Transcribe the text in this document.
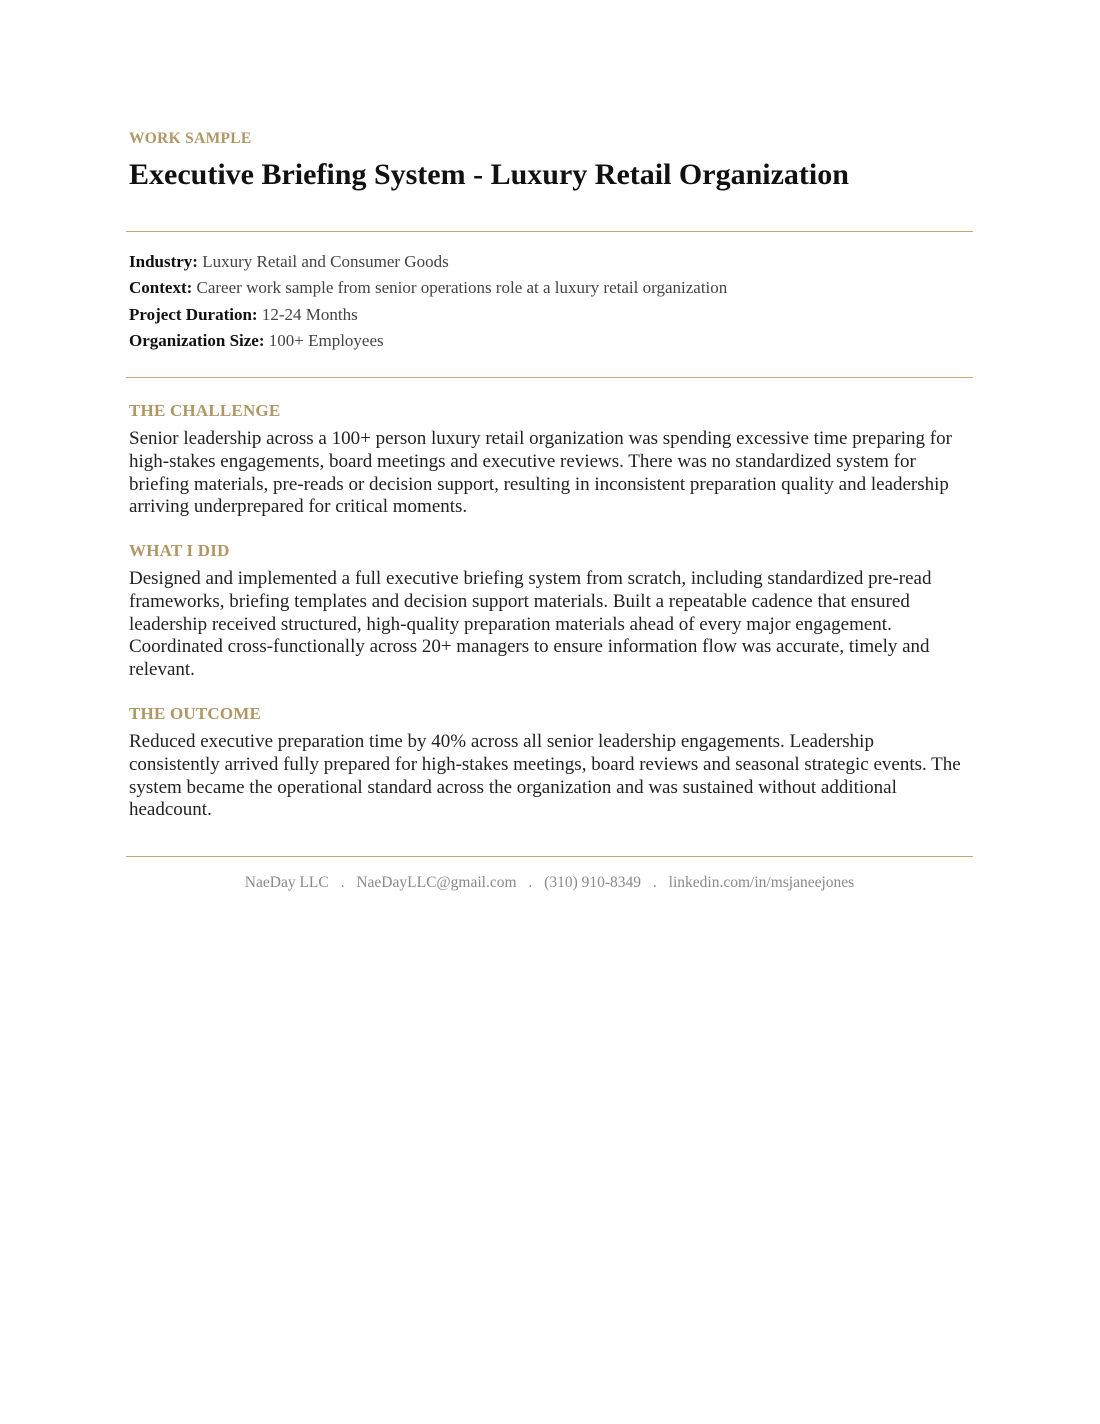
WORK SAMPLE
Executive Briefing System - Luxury Retail Organization
Industry: Luxury Retail and Consumer Goods
Context: Career work sample from senior operations role at a luxury retail organization
Project Duration: 12-24 Months
Organization Size: 100+ Employees
THE CHALLENGE

Senior leadership across a 100+ person luxury retail organization was spending excessive time preparing for high-stakes engagements, board meetings and executive reviews. There was no standardized system for briefing materials, pre-reads or decision support, resulting in inconsistent preparation quality and leadership arriving underprepared for critical moments.

WHAT I DID

Designed and implemented a full executive briefing system from scratch, including standardized pre-read frameworks, briefing templates and decision support materials. Built a repeatable cadence that ensured leadership received structured, high-quality preparation materials ahead of every major engagement. Coordinated cross-functionally across 20+ managers to ensure information flow was accurate, timely and relevant.

THE OUTCOME

Reduced executive preparation time by 40% across all senior leadership engagements. Leadership consistently arrived fully prepared for high-stakes meetings, board reviews and seasonal strategic events. The system became the operational standard across the organization and was sustained without additional headcount.

NaeDay LLC . NaeDayLLC@gmail.com . (310) 910-8349 . linkedin.com/in/msjaneejones
